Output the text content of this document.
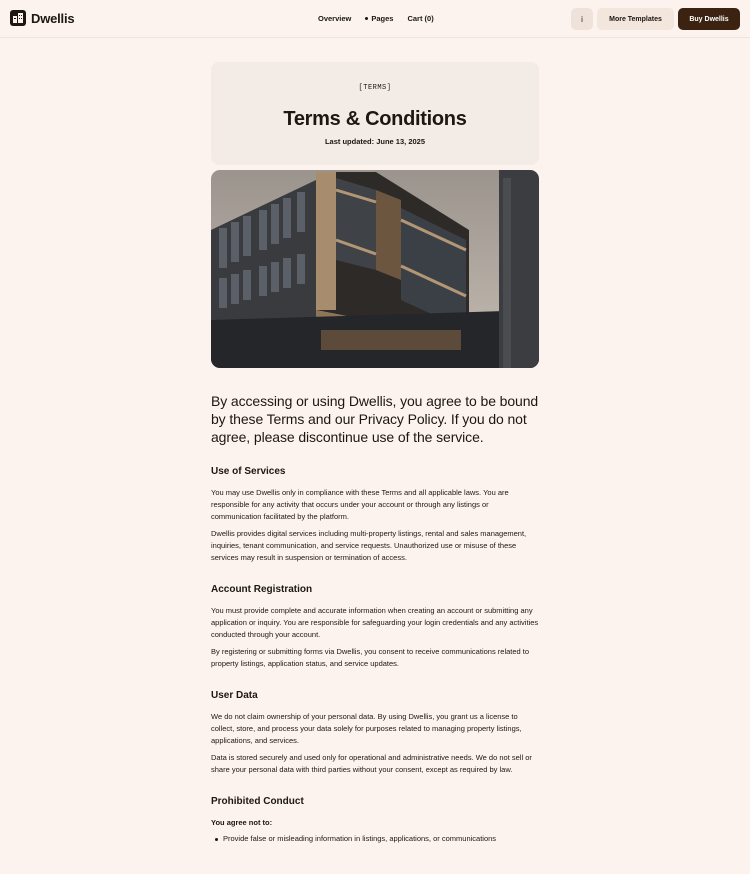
Dwellis	Overview	Pages Cart (0)	i	More Templates	Buy Dwellis
[TERMS]
Terms & Conditions
Last updated: June 13, 2025

By accessing or using Dwellis, you agree to be bound by these Terms and our Privacy Policy. If you do not agree, please discontinue use of the service.

Use of Services

You may use Dwellis only in compliance with these Terms and all applicable laws. You are responsible for any activity that occurs under your account or through any listings or communication facilitated by the platform.

Dwellis provides digital services including multi-property listings, rental and sales management, inquiries, tenant communication, and service requests. Unauthorized use or misuse of these services may result in suspension or termination of access.

Account Registration

You must provide complete and accurate information when creating an account or submitting any application or inquiry. You are responsible for safeguarding your login credentials and any activities conducted through your account.

By registering or submitting forms via Dwellis, you consent to receive communications related to property listings, application status, and service updates.

User Data

We do not claim ownership of your personal data. By using Dwellis, you grant us a license to collect, store, and process your data solely for purposes related to managing property listings, applications, and services.

Data is stored securely and used only for operational and administrative needs. We do not sell or share your personal data with third parties without your consent, except as required by law.

Prohibited Conduct

You agree not to:

Provide false or misleading information in listings, applications, or communications
